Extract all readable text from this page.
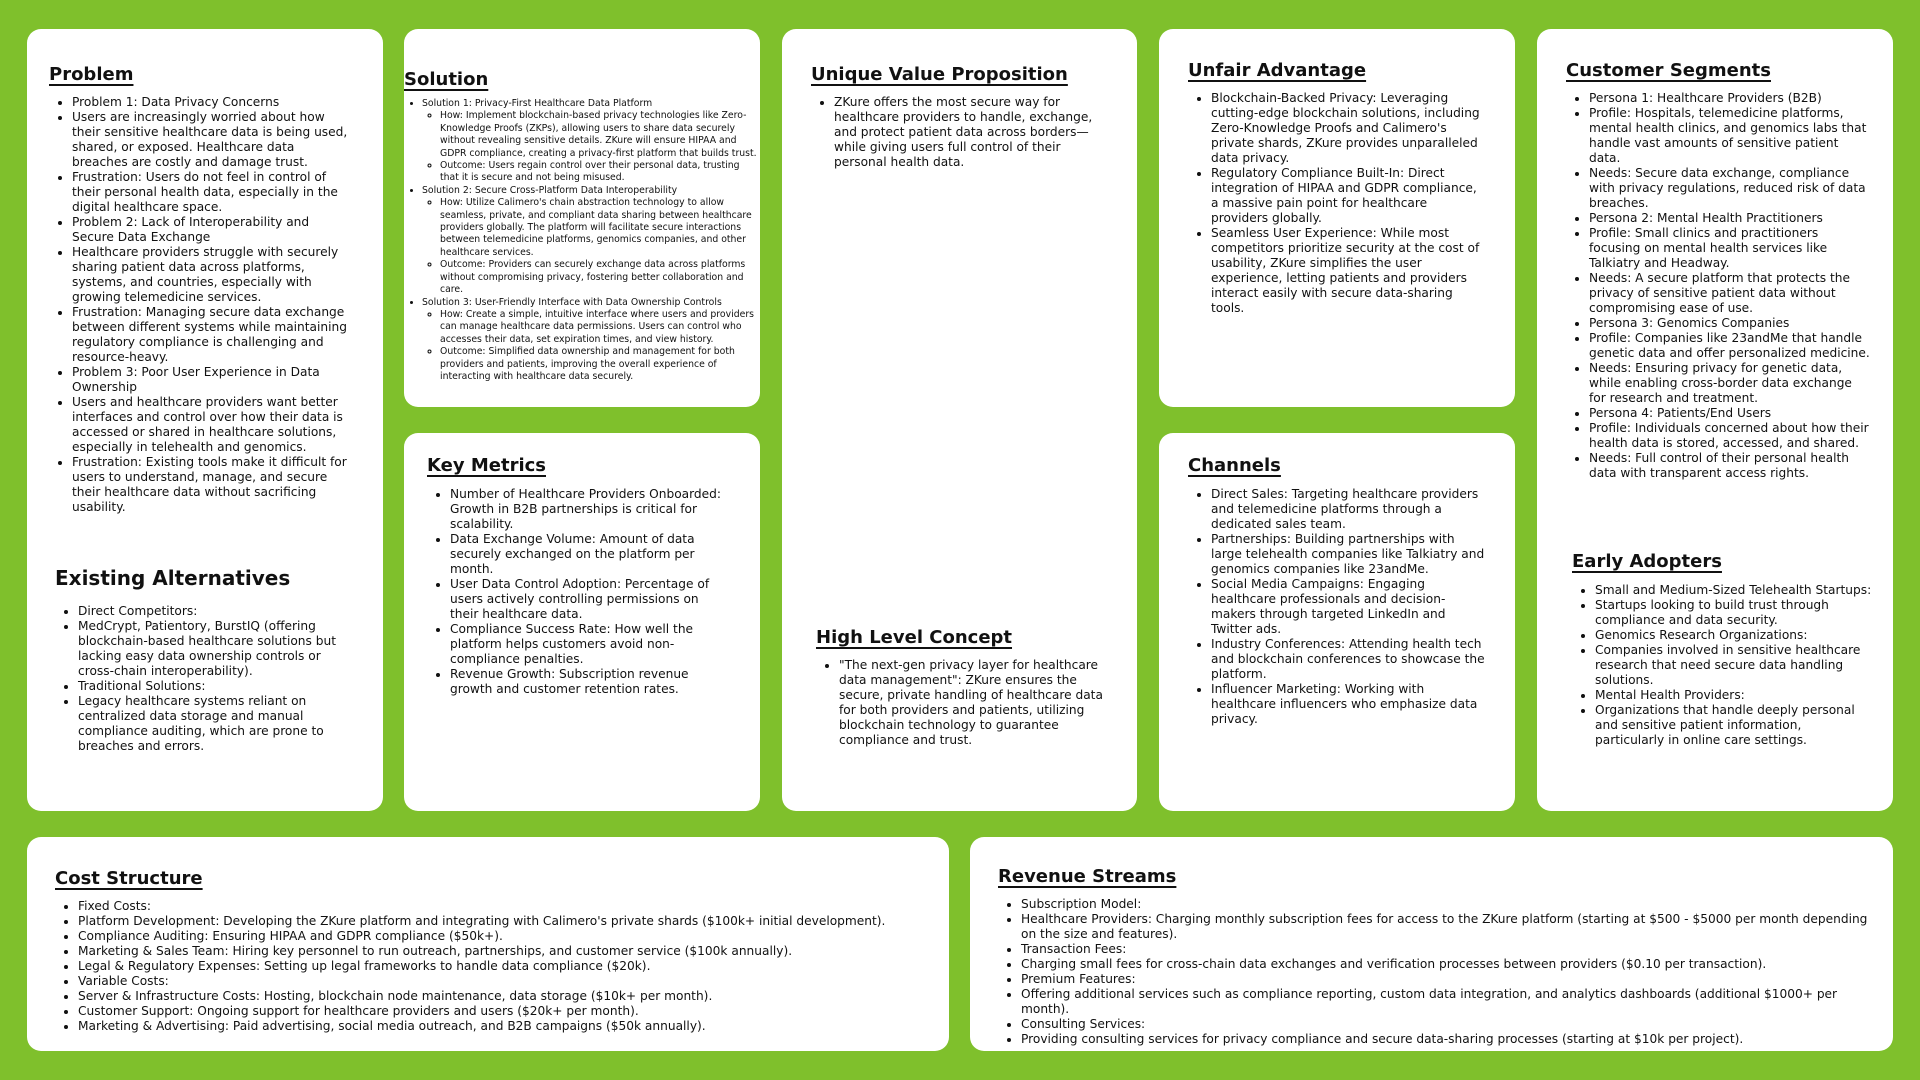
Problem
• Problem 1: Data Privacy Concerns
• Users are increasingly worried about how their sensitive healthcare data is being used, shared, or exposed. Healthcare data breaches are costly and damage trust.
• Frustration: Users do not feel in control of their personal health data, especially in the digital healthcare space.
• Problem 2: Lack of Interoperability and Secure Data Exchange
• Healthcare providers struggle with securely sharing patient data across platforms, systems, and countries, especially with growing telemedicine services.
• Frustration: Managing secure data exchange between different systems while maintaining regulatory compliance is challenging and resource-heavy.
• Problem 3: Poor User Experience in Data Ownership
• Users and healthcare providers want better interfaces and control over how their data is accessed or shared in healthcare solutions, especially in telehealth and genomics.
• Frustration: Existing tools make it difficult for users to understand, manage, and secure their healthcare data without sacrificing usability.
Existing Alternatives
• Direct Competitors:
• MedCrypt, Patientory, BurstIQ (offering blockchain-based healthcare solutions but lacking easy data ownership controls or cross-chain interoperability).
• Traditional Solutions:
• Legacy healthcare systems reliant on centralized data storage and manual compliance auditing, which are prone to breaches and errors.
Solution
• Solution 1: Privacy-First Healthcare Data Platform
◦ How: Implement blockchain-based privacy technologies like Zero-Knowledge Proofs (ZKPs), allowing users to share data securely without revealing sensitive details. ZKure will ensure HIPAA and GDPR compliance, creating a privacy-first platform that builds trust.
◦ Outcome: Users regain control over their personal data, trusting that it is secure and not being misused.
• Solution 2: Secure Cross-Platform Data Interoperability
◦ How: Utilize Calimero's chain abstraction technology to allow seamless, private, and compliant data sharing between healthcare providers globally. The platform will facilitate secure interactions between telemedicine platforms, genomics companies, and other healthcare services.
◦ Outcome: Providers can securely exchange data across platforms without compromising privacy, fostering better collaboration and care.
• Solution 3: User-Friendly Interface with Data Ownership Controls
◦ How: Create a simple, intuitive interface where users and providers can manage healthcare data permissions. Users can control who accesses their data, set expiration times, and view history.
◦ Outcome: Simplified data ownership and management for both providers and patients, improving the overall experience of interacting with healthcare data securely.
Key Metrics
• Number of Healthcare Providers Onboarded: Growth in B2B partnerships is critical for scalability.
• Data Exchange Volume: Amount of data securely exchanged on the platform per month.
• User Data Control Adoption: Percentage of users actively controlling permissions on their healthcare data.
• Compliance Success Rate: How well the platform helps customers avoid non-compliance penalties.
• Revenue Growth: Subscription revenue growth and customer retention rates.
Unique Value Proposition
• ZKure offers the most secure way for healthcare providers to handle, exchange, and protect patient data across borders—while giving users full control of their personal health data.
High Level Concept
• "The next-gen privacy layer for healthcare data management": ZKure ensures the secure, private handling of healthcare data for both providers and patients, utilizing blockchain technology to guarantee compliance and trust.
Unfair Advantage
• Blockchain-Backed Privacy: Leveraging cutting-edge blockchain solutions, including Zero-Knowledge Proofs and Calimero's private shards, ZKure provides unparalleled data privacy.
• Regulatory Compliance Built-In: Direct integration of HIPAA and GDPR compliance, a massive pain point for healthcare providers globally.
• Seamless User Experience: While most competitors prioritize security at the cost of usability, ZKure simplifies the user experience, letting patients and providers interact easily with secure data-sharing tools.
Channels
• Direct Sales: Targeting healthcare providers and telemedicine platforms through a dedicated sales team.
• Partnerships: Building partnerships with large telehealth companies like Talkiatry and genomics companies like 23andMe.
• Social Media Campaigns: Engaging healthcare professionals and decision-makers through targeted LinkedIn and Twitter ads.
• Industry Conferences: Attending health tech and blockchain conferences to showcase the platform.
• Influencer Marketing: Working with healthcare influencers who emphasize data privacy.
Customer Segments
• Persona 1: Healthcare Providers (B2B)
• Profile: Hospitals, telemedicine platforms, mental health clinics, and genomics labs that handle vast amounts of sensitive patient data.
• Needs: Secure data exchange, compliance with privacy regulations, reduced risk of data breaches.
• Persona 2: Mental Health Practitioners
• Profile: Small clinics and practitioners focusing on mental health services like Talkiatry and Headway.
• Needs: A secure platform that protects the privacy of sensitive patient data without compromising ease of use.
• Persona 3: Genomics Companies
• Profile: Companies like 23andMe that handle genetic data and offer personalized medicine.
• Needs: Ensuring privacy for genetic data, while enabling cross-border data exchange for research and treatment.
• Persona 4: Patients/End Users
• Profile: Individuals concerned about how their health data is stored, accessed, and shared.
• Needs: Full control of their personal health data with transparent access rights.
Early Adopters
• Small and Medium-Sized Telehealth Startups:
• Startups looking to build trust through compliance and data security.
• Genomics Research Organizations:
• Companies involved in sensitive healthcare research that need secure data handling solutions.
• Mental Health Providers:
• Organizations that handle deeply personal and sensitive patient information, particularly in online care settings.
Cost Structure
• Fixed Costs:
• Platform Development: Developing the ZKure platform and integrating with Calimero's private shards ($100k+ initial development).
• Compliance Auditing: Ensuring HIPAA and GDPR compliance ($50k+).
• Marketing & Sales Team: Hiring key personnel to run outreach, partnerships, and customer service ($100k annually).
• Legal & Regulatory Expenses: Setting up legal frameworks to handle data compliance ($20k).
• Variable Costs:
• Server & Infrastructure Costs: Hosting, blockchain node maintenance, data storage ($10k+ per month).
• Customer Support: Ongoing support for healthcare providers and users ($20k+ per month).
• Marketing & Advertising: Paid advertising, social media outreach, and B2B campaigns ($50k annually).
Revenue Streams
• Subscription Model:
• Healthcare Providers: Charging monthly subscription fees for access to the ZKure platform (starting at $500 - $5000 per month depending on the size and features).
• Transaction Fees:
• Charging small fees for cross-chain data exchanges and verification processes between providers ($0.10 per transaction).
• Premium Features:
• Offering additional services such as compliance reporting, custom data integration, and analytics dashboards (additional $1000+ per month).
• Consulting Services:
• Providing consulting services for privacy compliance and secure data-sharing processes (starting at $10k per project).
